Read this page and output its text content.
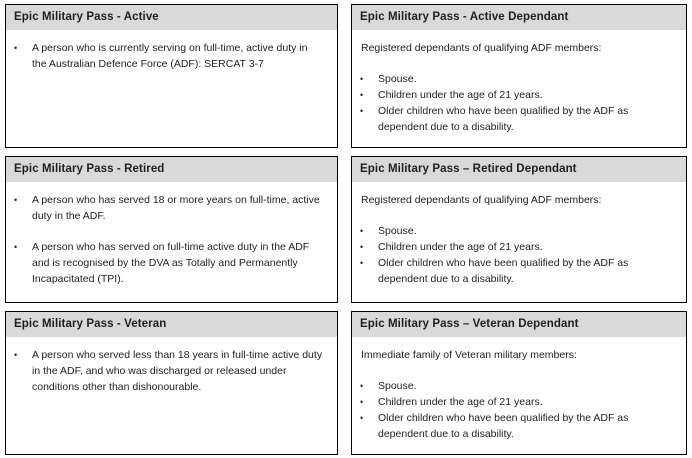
Epic Military Pass - Active
•	A person who is currently serving on full-time, active duty in the Australian Defence Force (ADF): SERCAT 3-7
Epic Military Pass - Active Dependant

Registered dependants of qualifying ADF members:

•	Spouse.
•	Children under the age of 21 years.
•	Older children who have been qualified by the ADF as dependent due to a disability.
Epic Military Pass - Retired
•	A person who has served 18 or more years on full-time, active duty in the ADF.
•	A person who has served on full-time active duty in the ADF and is recognised by the DVA as Totally and Permanently Incapacitated (TPI).
Epic Military Pass – Retired Dependant

Registered dependants of qualifying ADF members:

•	Spouse.
•	Children under the age of 21 years.
•	Older children who have been qualified by the ADF as dependent due to a disability.
Epic Military Pass - Veteran
•	A person who served less than 18 years in full-time active duty in the ADF, and who was discharged or released under conditions other than dishonourable.
Epic Military Pass – Veteran Dependant

Immediate family of Veteran military members:

•	Spouse.
•	Children under the age of 21 years.
•	Older children who have been qualified by the ADF as dependent due to a disability.
